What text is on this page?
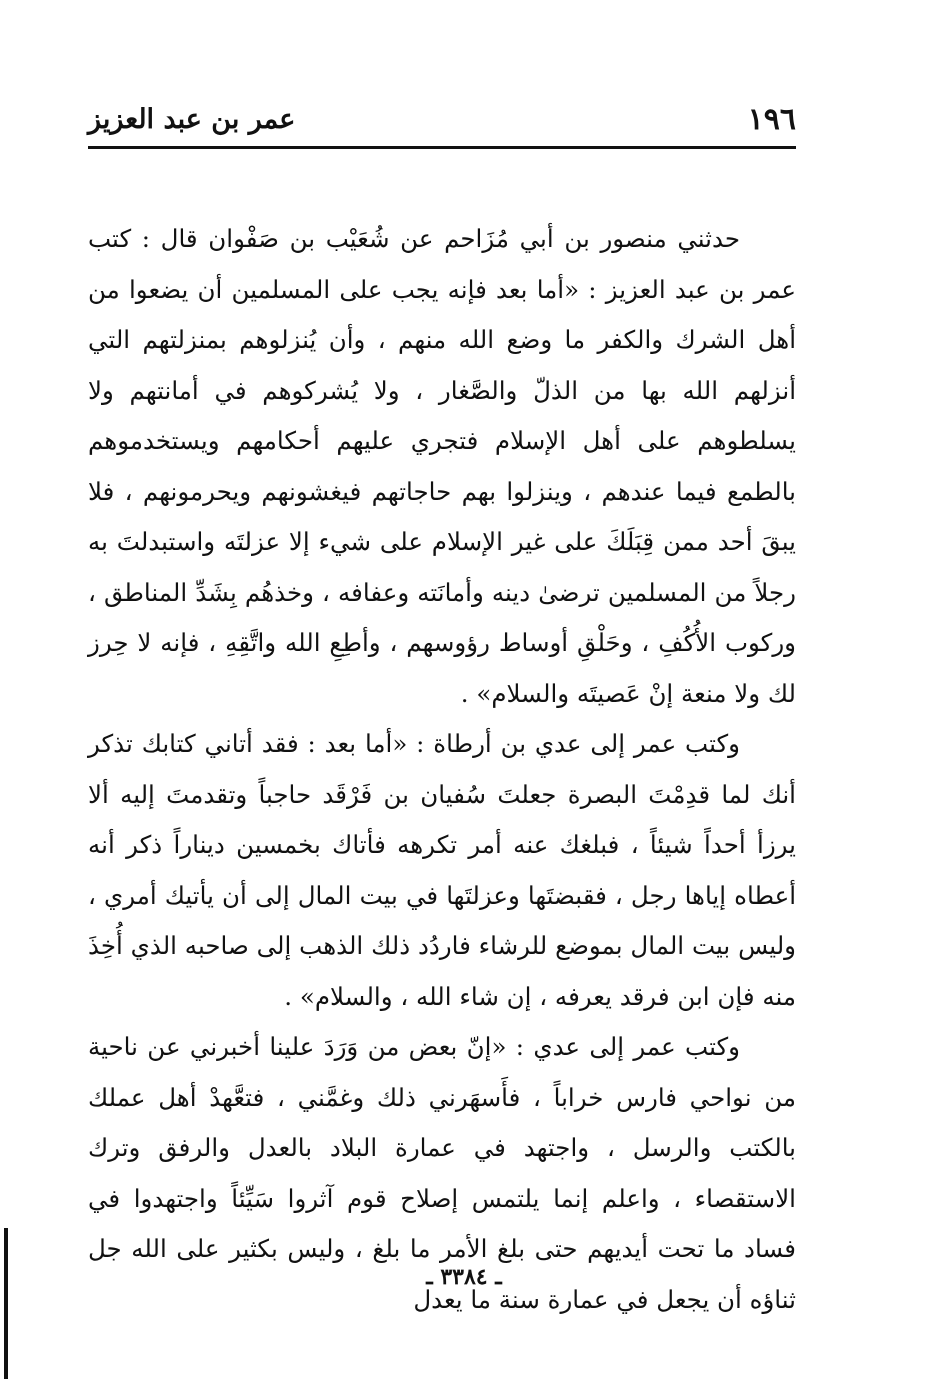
١٩٦
عمر بن عبد العزيز

حدثني منصور بن أبي مُزَاحم عن شُعَيْب بن صَفْوان قال : كتب عمر بن عبد العزيز : «أما بعد فإنه يجب على المسلمين أن يضعوا من أهل الشرك والكفر ما وضع الله منهم ، وأن يُنزلوهم بمنزلتهم التي أنزلهم الله بها من الذلّ والصَّغار ، ولا يُشركوهم في أمانتهم ولا يسلطوهم على أهل الإسلام فتجري عليهم أحكامهم ويستخدموهم بالطمع فيما عندهم ، وينزلوا بهم حاجاتهم فيغشونهم ويحرمونهم ، فلا يبقَ أحد ممن قِبَلَكَ على غير الإسلام على شيء إلا عزلتَه واستبدلتَ به رجلاً من المسلمين ترضىٰ دينه وأمانَته وعفافه ، وخذهُم بِشَدِّ المناطق ، وركوب الأُكُفِ ، وحَلْقِ أوساط رؤوسهم ، وأطِعِ الله واتَّقِهِ ، فإنه لا حِرز لك ولا منعة إنْ عَصيتَه والسلام» .

وكتب عمر إلى عدي بن أرطاة : «أما بعد : فقد أتاني كتابك تذكر أنك لما قدِمْتَ البصرة جعلتَ سُفيان بن فَرْقَد حاجباً وتقدمتَ إليه ألا يرزأ أحداً شيئاً ، فبلغك عنه أمر تكرهه فأتاك بخمسين ديناراً ذكر أنه أعطاه إياها رجل ، فقبضتَها وعزلتَها في بيت المال إلى أن يأتيك أمري ، وليس بيت المال بموضع للرشاء فاردُد ذلك الذهب إلى صاحبه الذي أُخِذَ منه فإن ابن فرقد يعرفه ، إن شاء الله ، والسلام» .

وكتب عمر إلى عدي : «إنّ بعض من وَرَدَ علينا أخبرني عن ناحية من نواحي فارس خراباً ، فأَسهَرني ذلك وغمَّني ، فتعَّهدْ أهل عملك بالكتب والرسل ، واجتهد في عمارة البلاد بالعدل والرفق وترك الاستقصاء ، واعلم إنما يلتمس إصلاح قوم آثروا سَيِّئاً واجتهدوا في فساد ما تحت أيديهم حتى بلغ الأمر ما بلغ ، وليس بكثير على الله جل ثناؤه أن يجعل في عمارة سنة ما يعدل

ـ ٣٣٨٤ ـ
